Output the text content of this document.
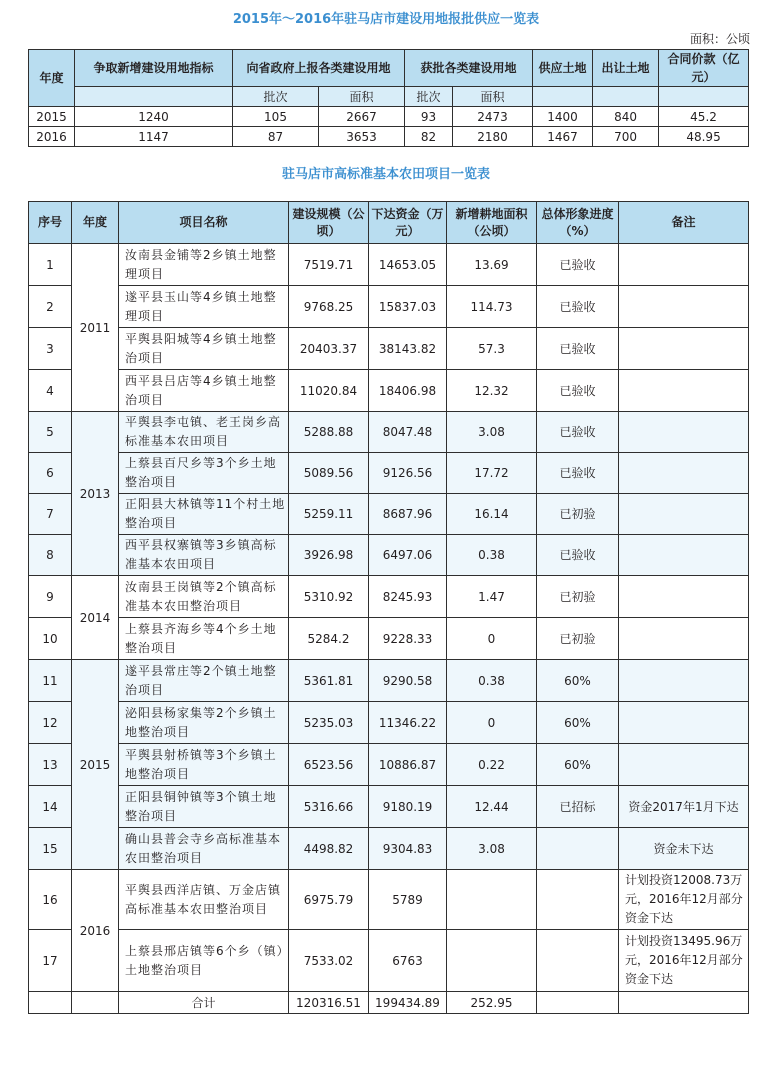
2015年～2016年驻马店市建设用地报批供应一览表
面积：公顷
年度	争取新增建设用地指标	向省政府上报各类建设用地		获批各类建设用地		供应土地	出让土地	合同价款（亿元）
		批次	面积	批次	面积			
2015	1240	105	2667	93	2473	1400	840	45.2
2016	1147	87	3653	82	2180	1467	700	48.95
驻马店市高标准基本农田项目一览表
序号	年度	项目名称	建设规模（公顷）	下达资金（万元）	新增耕地面积（公顷）	总体形象进度（%）	备注
1	2011	汝南县金铺等2乡镇土地整理项目	7519.71	14653.05	13.69	已验收	
2		遂平县玉山等4乡镇土地整理项目	9768.25	15837.03	114.73	已验收	
3		平舆县阳城等4乡镇土地整治项目	20403.37	38143.82	57.3	已验收	
4		西平县吕店等4乡镇土地整治项目	11020.84	18406.98	12.32	已验收	
5	2013	平舆县李屯镇、老王岗乡高标准基本农田项目	5288.88	8047.48	3.08	已验收	
6		上蔡县百尺乡等3个乡土地整治项目	5089.56	9126.56	17.72	已验收	
7		正阳县大林镇等11个村土地整治项目	5259.11	8687.96	16.14	已初验	
8		西平县权寨镇等3乡镇高标准基本农田项目	3926.98	6497.06	0.38	已验收	
9	2014	汝南县王岗镇等2个镇高标准基本农田整治项目	5310.92	8245.93	1.47	已初验	
10		上蔡县齐海乡等4个乡土地整治项目	5284.2	9228.33	0	已初验	
11	2015	遂平县常庄等2个镇土地整治项目	5361.81	9290.58	0.38	60%	
12		泌阳县杨家集等2个乡镇土地整治项目	5235.03	11346.22	0	60%	
13		平舆县射桥镇等3个乡镇土地整治项目	6523.56	10886.87	0.22	60%	
14		正阳县铜钟镇等3个镇土地整治项目	5316.66	9180.19	12.44	已招标	资金2017年1月下达
15		确山县普会寺乡高标准基本农田整治项目	4498.82	9304.83	3.08		资金未下达
16	2016	平舆县西洋店镇、万金店镇高标准基本农田整治项目	6975.79	5789			计划投资12008.73万元，2016年12月部分资金下达
17		上蔡县邢店镇等6个乡（镇）土地整治项目	7533.02	6763			计划投资13495.96万元，2016年12月部分资金下达
		合计	120316.51	199434.89	252.95		
